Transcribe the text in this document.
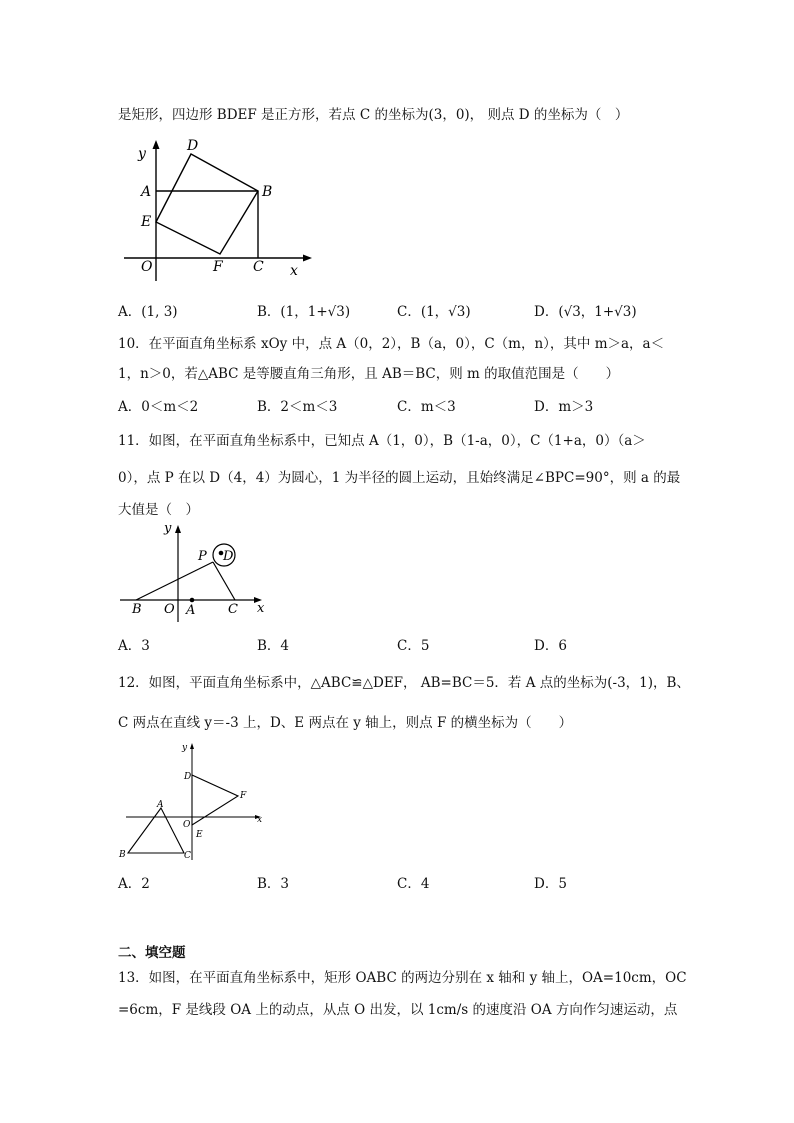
是矩形，四边形 BDEF 是正方形，若点 C 的坐标为(3，0)， 则点 D 的坐标为（　）
y
x
D
A	B
E
O	F C
A．(1, 3)	B．(1，1+√3)	C．(1，√3)	D．(√3，1+√3)
10．在平面直角坐标系 xOy 中，点 A（0，2），B（a，0），C（m，n），其中 m＞a，a＜
1，n＞0，若△ABC 是等腰直角三角形，且 AB＝BC，则 m 的取值范围是（　　）
A．0＜m＜2	B．2＜m＜3	C．m＜3	D．m＞3
11．如图，在平面直角坐标系中，已知点 A（1，0），B（1-a，0），C（1+a，0）（a＞
0），点 P 在以 D（4，4）为圆心，1 为半径的圆上运动，且始终满足∠BPC=90°，则 a 的最
大值是（　）
y
x
P D
B O A	C
A．3	B．4	C．5	D．6
12．如图，平面直角坐标系中，△ABC≌△DEF， AB=BC＝5．若 A 点的坐标为(-3，1)，B、
C 两点在直线 y＝-3 上，D、E 两点在 y 轴上，则点 F 的横坐标为（　　）
y
x
D
F
A
O
E
B	C
A．2	B．3	C．4	D．5
二、填空题
13．如图，在平面直角坐标系中，矩形 OABC 的两边分别在 x 轴和 y 轴上，OA=10cm，OC
=6cm，F 是线段 OA 上的动点，从点 O 出发，以 1cm/s 的速度沿 OA 方向作匀速运动，点
